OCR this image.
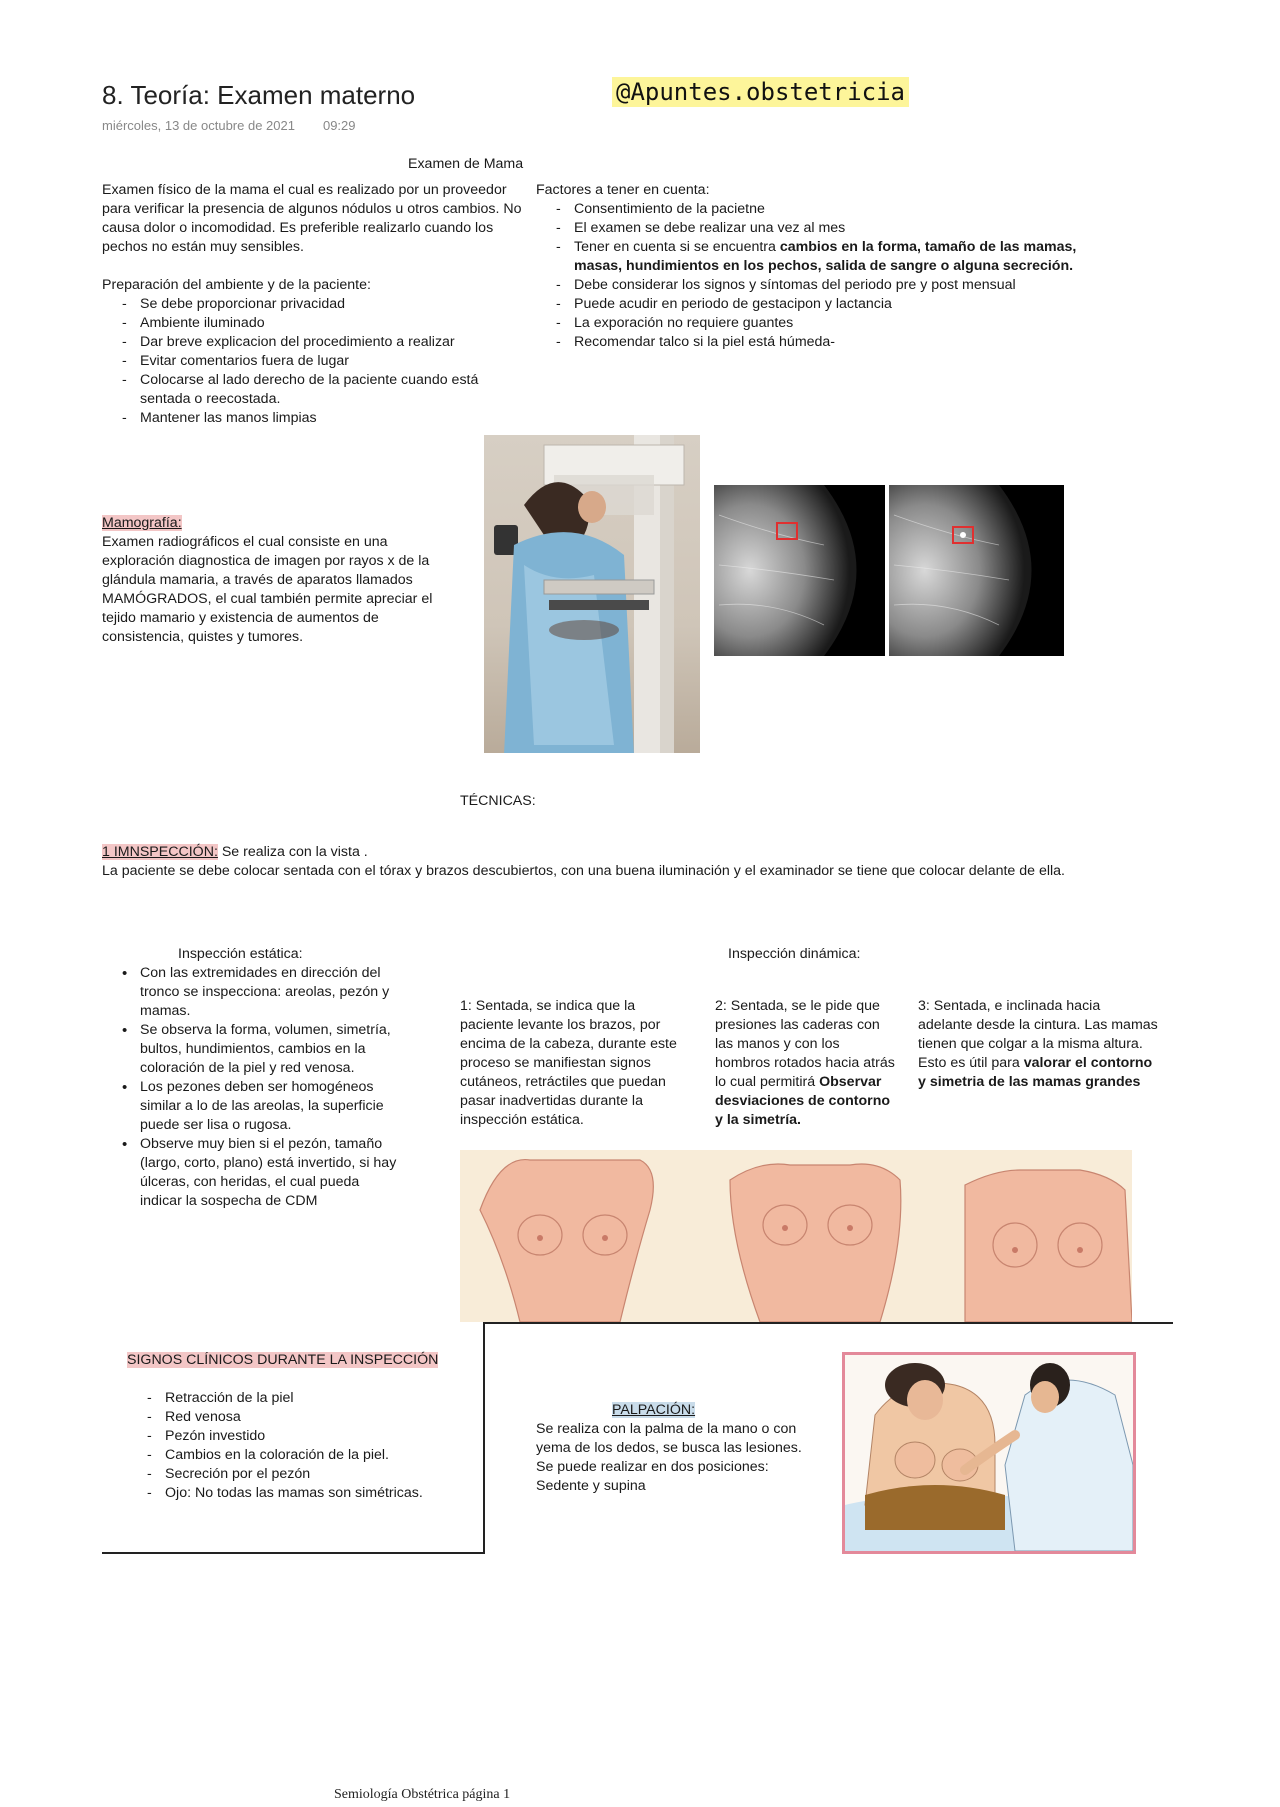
8. Teoría: Examen materno	@Apuntes.obstetricia
miércoles, 13 de octubre de 2021 09:29
Examen de Mama
Examen físico de la mama el cual es realizado por un proveedor para verificar la presencia de algunos nódulos u otros cambios. No causa dolor o incomodidad. Es preferible realizarlo cuando los pechos no están muy sensibles.
Preparación del ambiente y de la paciente:
- Se debe proporcionar privacidad
- Ambiente iluminado
- Dar breve explicacion del procedimiento a realizar
- Evitar comentarios fuera de lugar
- Colocarse al lado derecho de la paciente cuando está sentada o reecostada.
- Mantener las manos limpias
Factores a tener en cuenta:
- Consentimiento de la pacietne
- El examen se debe realizar una vez al mes
- Tener en cuenta si se encuentra cambios en la forma, tamaño de las mamas, masas, hundimientos en los pechos, salida de sangre o alguna secreción.
- Debe considerar los signos y síntomas del periodo pre y post mensual
- Puede acudir en periodo de gestacipon y lactancia
- La exporación no requiere guantes
- Recomendar talco si la piel está húmeda-
Mamografía:
Examen radiográficos el cual consiste en una exploración diagnostica de imagen por rayos x de la glándula mamaria, a través de aparatos llamados MAMÓGRADOS, el cual también permite apreciar el tejido mamario y existencia de aumentos de consistencia, quistes y tumores.
TÉCNICAS:
1 IMNSPECCIÓN: Se realiza con la vista .
La paciente se debe colocar sentada con el tórax y brazos descubiertos, con una buena iluminación y el examinador se tiene que colocar delante de ella.
Inspección estática:
• Con las extremidades en dirección del tronco se inspecciona: areolas, pezón y mamas.
• Se observa la forma, volumen, simetría, bultos, hundimientos, cambios en la coloración de la piel y red venosa.
• Los pezones deben ser homogéneos similar a lo de las areolas, la superficie puede ser lisa o rugosa.
• Observe muy bien si el pezón, tamaño (largo, corto, plano) está invertido, si hay úlceras, con heridas, el cual pueda indicar la sospecha de CDM
Inspección dinámica:
1: Sentada, se indica que la paciente levante los brazos, por encima de la cabeza, durante este proceso se manifiestan signos cutáneos, retráctiles que puedan pasar inadvertidas durante la inspección estática.
2: Sentada, se le pide que presiones las caderas con las manos y con los hombros rotados hacia atrás lo cual permitirá Observar desviaciones de contorno y la simetría.
3: Sentada, e inclinada hacia adelante desde la cintura. Las mamas tienen que colgar a la misma altura. Esto es útil para valorar el contorno y simetria de las mamas grandes
SIGNOS CLÍNICOS DURANTE LA INSPECCIÓN
- Retracción de la piel
- Red venosa
- Pezón investido
- Cambios en la coloración de la piel.
- Secreción por el pezón
- Ojo: No todas las mamas son simétricas.
PALPACIÓN:
Se realiza con la palma de la mano o con yema de los dedos, se busca las lesiones. Se puede realizar en dos posiciones: Sedente y supina
Semiología Obstétrica página 1
